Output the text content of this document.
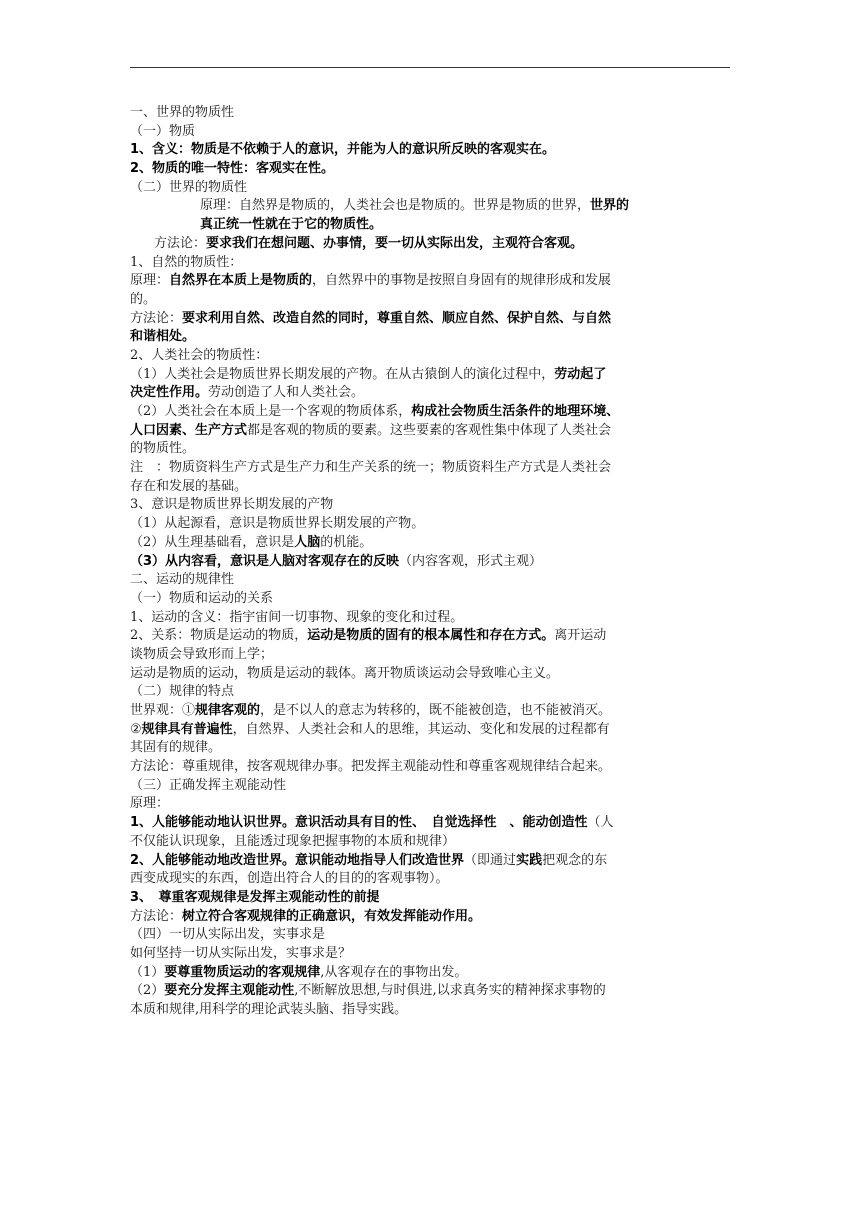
一、世界的物质性
（一）物质
1、含义：物质是不依赖于人的意识，并能为人的意识所反映的客观实在。
2、物质的唯一特性：客观实在性。
（二）世界的物质性
原理：自然界是物质的，人类社会也是物质的。世界是物质的世界，世界的
真正统一性就在于它的物质性。
方法论：要求我们在想问题、办事情，要一切从实际出发，主观符合客观。
1、自然的物质性：
原理：自然界在本质上是物质的，自然界中的事物是按照自身固有的规律形成和发展
的。
方法论：要求利用自然、改造自然的同时，尊重自然、顺应自然、保护自然、与自然
和谐相处。
2、人类社会的物质性：
（1）人类社会是物质世界长期发展的产物。在从古猿倒人的演化过程中，劳动起了
决定性作用。劳动创造了人和人类社会。
（2）人类社会在本质上是一个客观的物质体系，构成社会物质生活条件的地理环境、
人口因素、生产方式都是客观的物质的要素。这些要素的客观性集中体现了人类社会
的物质性。
注　：物质资料生产方式是生产力和生产关系的统一；物质资料生产方式是人类社会
存在和发展的基础。
3、意识是物质世界长期发展的产物
（1）从起源看，意识是物质世界长期发展的产物。
（2）从生理基础看，意识是人脑的机能。
（3）从内容看，意识是人脑对客观存在的反映（内容客观，形式主观）
二、运动的规律性
（一）物质和运动的关系
1、运动的含义：指宇宙间一切事物、现象的变化和过程。
2、关系：物质是运动的物质，运动是物质的固有的根本属性和存在方式。离开运动
谈物质会导致形而上学；
运动是物质的运动，物质是运动的载体。离开物质谈运动会导致唯心主义。
（二）规律的特点
世界观：①规律客观的，是不以人的意志为转移的，既不能被创造，也不能被消灭。
②规律具有普遍性，自然界、人类社会和人的思维，其运动、变化和发展的过程都有
其固有的规律。
方法论：尊重规律，按客观规律办事。把发挥主观能动性和尊重客观规律结合起来。
（三）正确发挥主观能动性
原理：
1、人能够能动地认识世界。意识活动具有目的性、　自觉选择性　、能动创造性（人
不仅能认识现象，且能透过现象把握事物的本质和规律）
2、人能够能动地改造世界。意识能动地指导人们改造世界（即通过实践把观念的东
西变成现实的东西，创造出符合人的目的的客观事物）。
3、　尊重客观规律是发挥主观能动性的前提
方法论：树立符合客观规律的正确意识，有效发挥能动作用。
（四）一切从实际出发，实事求是
如何坚持一切从实际出发，实事求是？
（1）要尊重物质运动的客观规律,从客观存在的事物出发。
（2）要充分发挥主观能动性,不断解放思想,与时俱进,以求真务实的精神探求事物的
本质和规律,用科学的理论武装头脑、指导实践。
